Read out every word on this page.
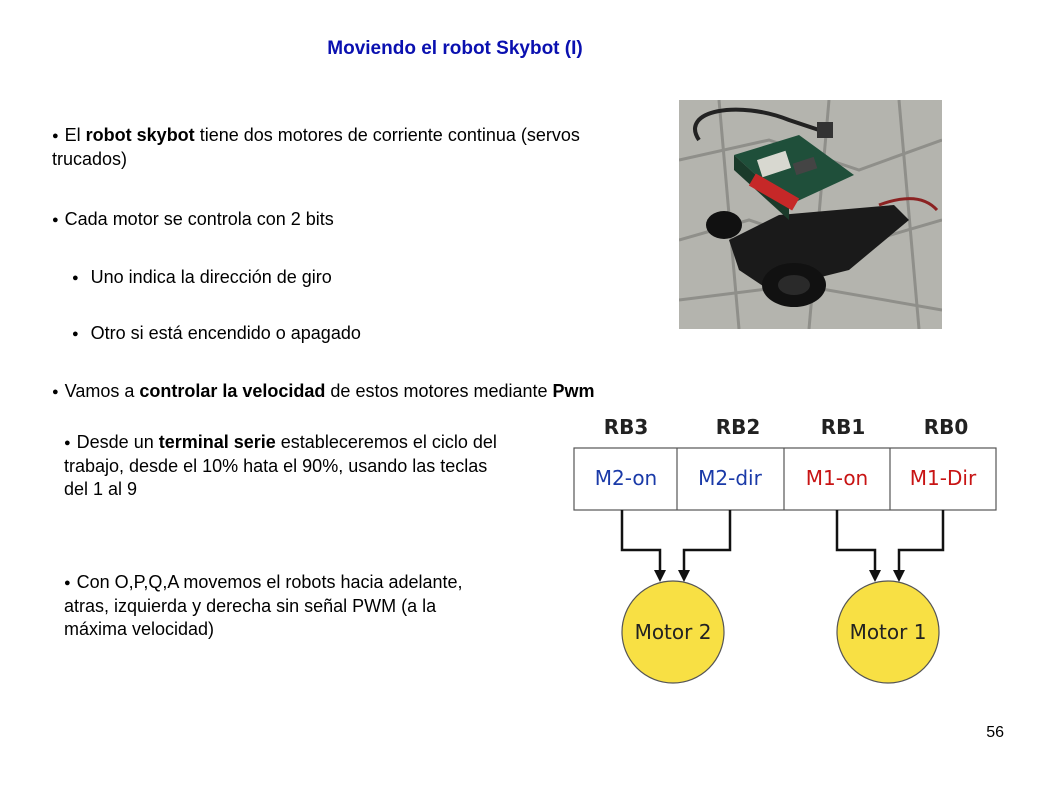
Moviendo el robot Skybot (I)
● El robot skybot tiene dos motores de corriente continua (servos trucados)
● Cada motor se controla con 2 bits
● Uno indica la dirección de giro
● Otro si está encendido o apagado
● Vamos a controlar la velocidad de estos motores mediante Pwm
● Desde un terminal serie estableceremos el ciclo del trabajo, desde el 10% hata el 90%, usando las teclas del 1 al 9
● Con O,P,Q,A movemos el robots hacia adelante, atras, izquierda y derecha sin señal PWM (a la máxima velocidad)
RB3	RB2	RB1	RB0
M2-on M2-dir M1-on M1-Dir
Motor 2	Motor 1
56
